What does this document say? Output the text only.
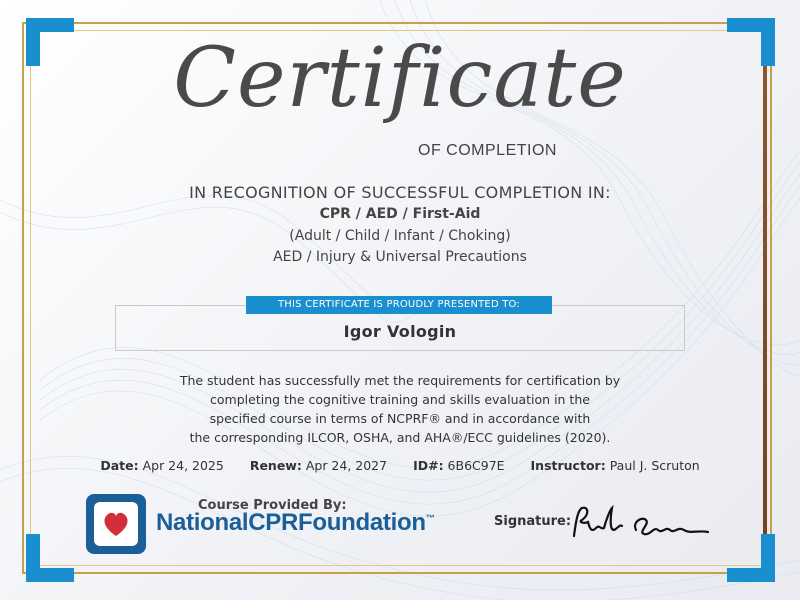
Certificate
OF COMPLETION
IN RECOGNITION OF SUCCESSFUL COMPLETION IN:
CPR / AED / First-Aid
(Adult / Child / Infant / Choking)
AED / Injury & Universal Precautions
THIS CERTIFICATE IS PROUDLY PRESENTED TO:
Igor Vologin
The student has successfully met the requirements for certification by
completing the cognitive training and skills evaluation in the
specified course in terms of NCPRF® and in accordance with
the corresponding ILCOR, OSHA, and AHA®/ECC guidelines (2020).
Date: Apr 24, 2025 Renew: Apr 24, 2027 ID#: 6B6C97E Instructor: Paul J. Scruton
Course Provided By:
NationalCPRFoundation™	Signature:
